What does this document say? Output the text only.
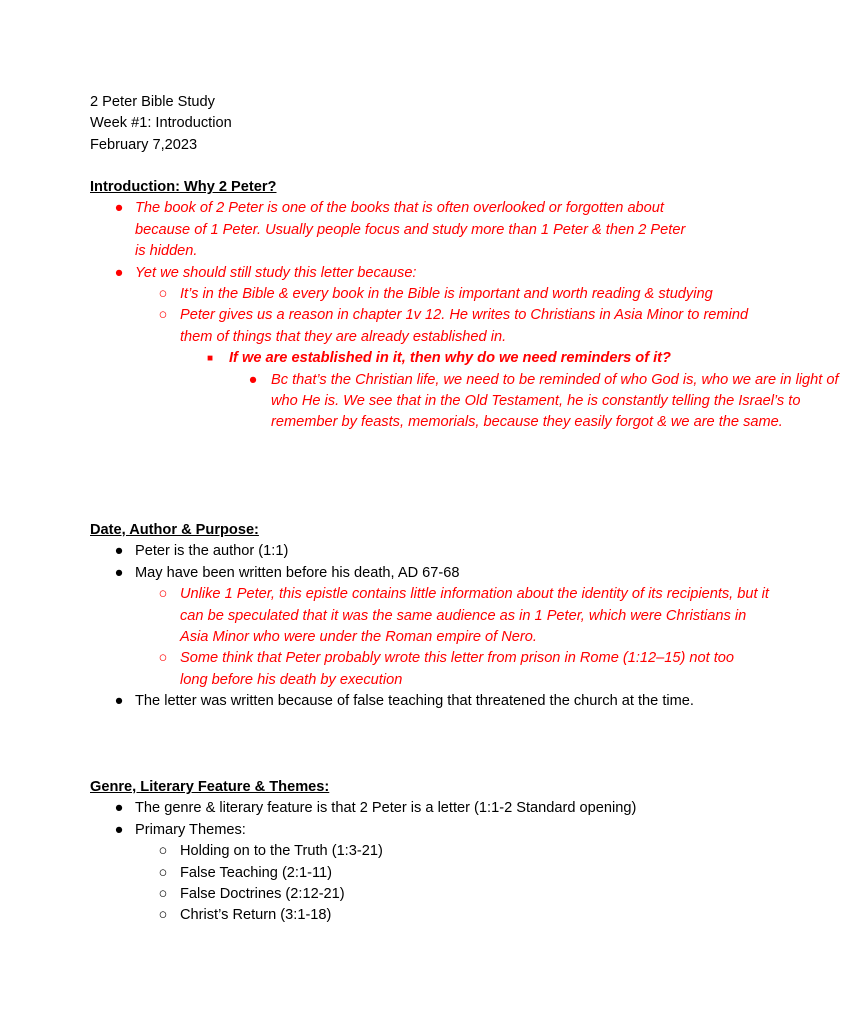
2 Peter Bible Study
Week #1: Introduction
February 7,2023
Introduction: Why 2 Peter?
● The book of 2 Peter is one of the books that is often overlooked or forgotten about because of 1 Peter. Usually people focus and study more than 1 Peter & then 2 Peter is hidden.
● Yet we should still study this letter because:
○ It’s in the Bible & every book in the Bible is important and worth reading & studying
○ Peter gives us a reason in chapter 1v 12. He writes to Christians in Asia Minor to remind them of things that they are already established in.
■ If we are established in it, then why do we need reminders of it?
● Bc that’s the Christian life, we need to be reminded of who God is, who we are in light of who He is. We see that in the Old Testament, he is constantly telling the Israel’s to remember by feasts, memorials, because they easily forgot & we are the same.
Date, Author & Purpose:
● Peter is the author (1:1)
● May have been written before his death, AD 67-68
○ Unlike 1 Peter, this epistle contains little information about the identity of its recipients, but it can be speculated that it was the same audience as in 1 Peter, which were Christians in Asia Minor who were under the Roman empire of Nero.
○ Some think that Peter probably wrote this letter from prison in Rome (1:12–15) not too long before his death by execution
● The letter was written because of false teaching that threatened the church at the time.
Genre, Literary Feature & Themes:
● The genre & literary feature is that 2 Peter is a letter (1:1-2 Standard opening)
● Primary Themes:
○ Holding on to the Truth (1:3-21)
○ False Teaching (2:1-11)
○ False Doctrines (2:12-21)
○ Christ’s Return (3:1-18)
